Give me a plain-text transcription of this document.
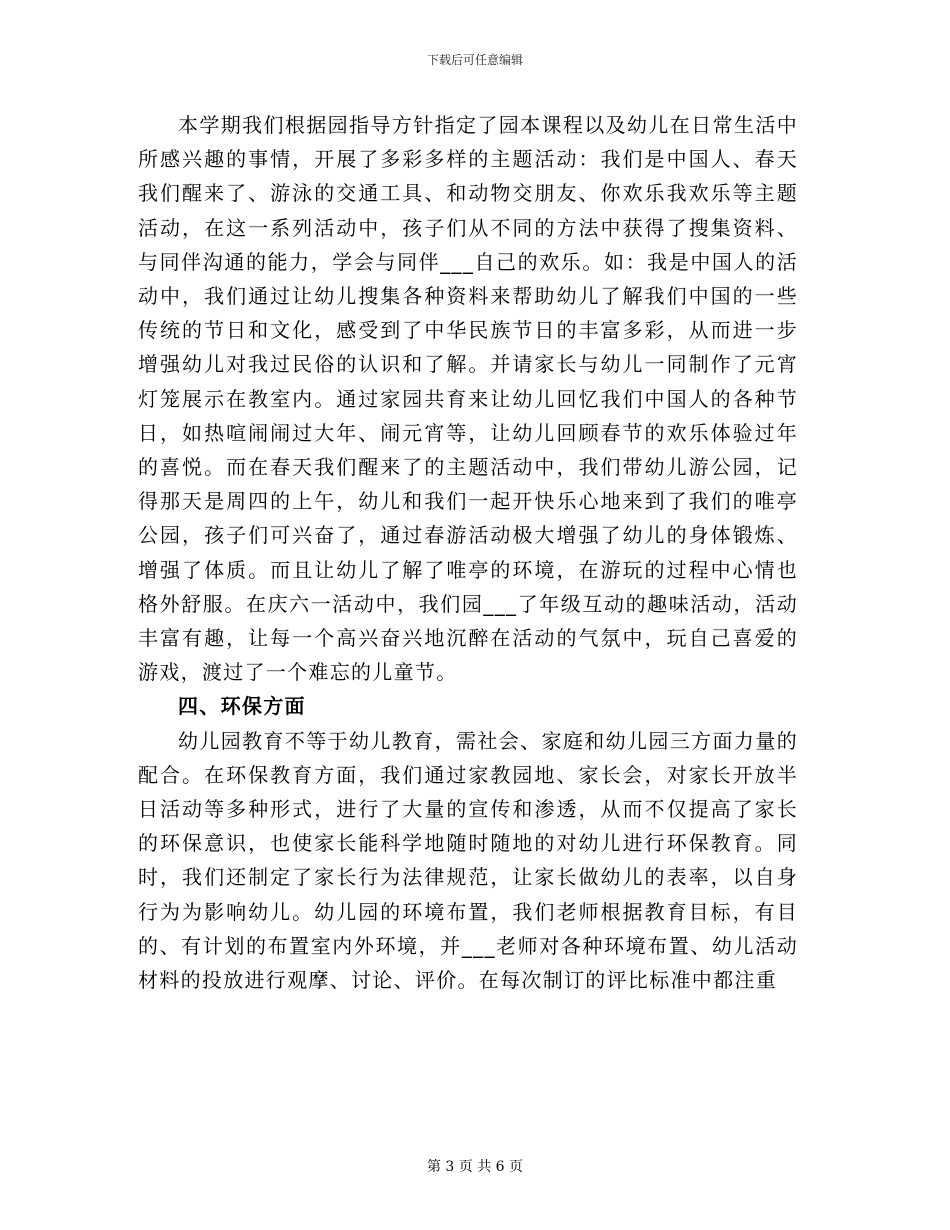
下载后可任意编辑

本学期我们根据园指导方针指定了园本课程以及幼儿在日常生活中所感兴趣的事情，开展了多彩多样的主题活动：我们是中国人、春天我们醒来了、游泳的交通工具、和动物交朋友、你欢乐我欢乐等主题活动，在这一系列活动中，孩子们从不同的方法中获得了搜集资料、与同伴沟通的能力，学会与同伴___自己的欢乐。如：我是中国人的活动中，我们通过让幼儿搜集各种资料来帮助幼儿了解我们中国的一些传统的节日和文化，感受到了中华民族节日的丰富多彩，从而进一步增强幼儿对我过民俗的认识和了解。并请家长与幼儿一同制作了元宵灯笼展示在教室内。通过家园共育来让幼儿回忆我们中国人的各种节日，如热喧闹闹过大年、闹元宵等，让幼儿回顾春节的欢乐体验过年的喜悦。而在春天我们醒来了的主题活动中，我们带幼儿游公园，记得那天是周四的上午，幼儿和我们一起开快乐心地来到了我们的唯亭公园，孩子们可兴奋了，通过春游活动极大增强了幼儿的身体锻炼、增强了体质。而且让幼儿了解了唯亭的环境，在游玩的过程中心情也格外舒服。在庆六一活动中，我们园___了年级互动的趣味活动，活动丰富有趣，让每一个高兴奋兴地沉醉在活动的气氛中，玩自己喜爱的游戏，渡过了一个难忘的儿童节。

四、环保方面

幼儿园教育不等于幼儿教育，需社会、家庭和幼儿园三方面力量的配合。在环保教育方面，我们通过家教园地、家长会，对家长开放半日活动等多种形式，进行了大量的宣传和渗透，从而不仅提高了家长的环保意识，也使家长能科学地随时随地的对幼儿进行环保教育。同时，我们还制定了家长行为法律规范，让家长做幼儿的表率，以自身行为为影响幼儿。幼儿园的环境布置，我们老师根据教育目标，有目的、有计划的布置室内外环境，并___老师对各种环境布置、幼儿活动材料的投放进行观摩、讨论、评价。在每次制订的评比标准中都注重

第 3 页 共 6 页
